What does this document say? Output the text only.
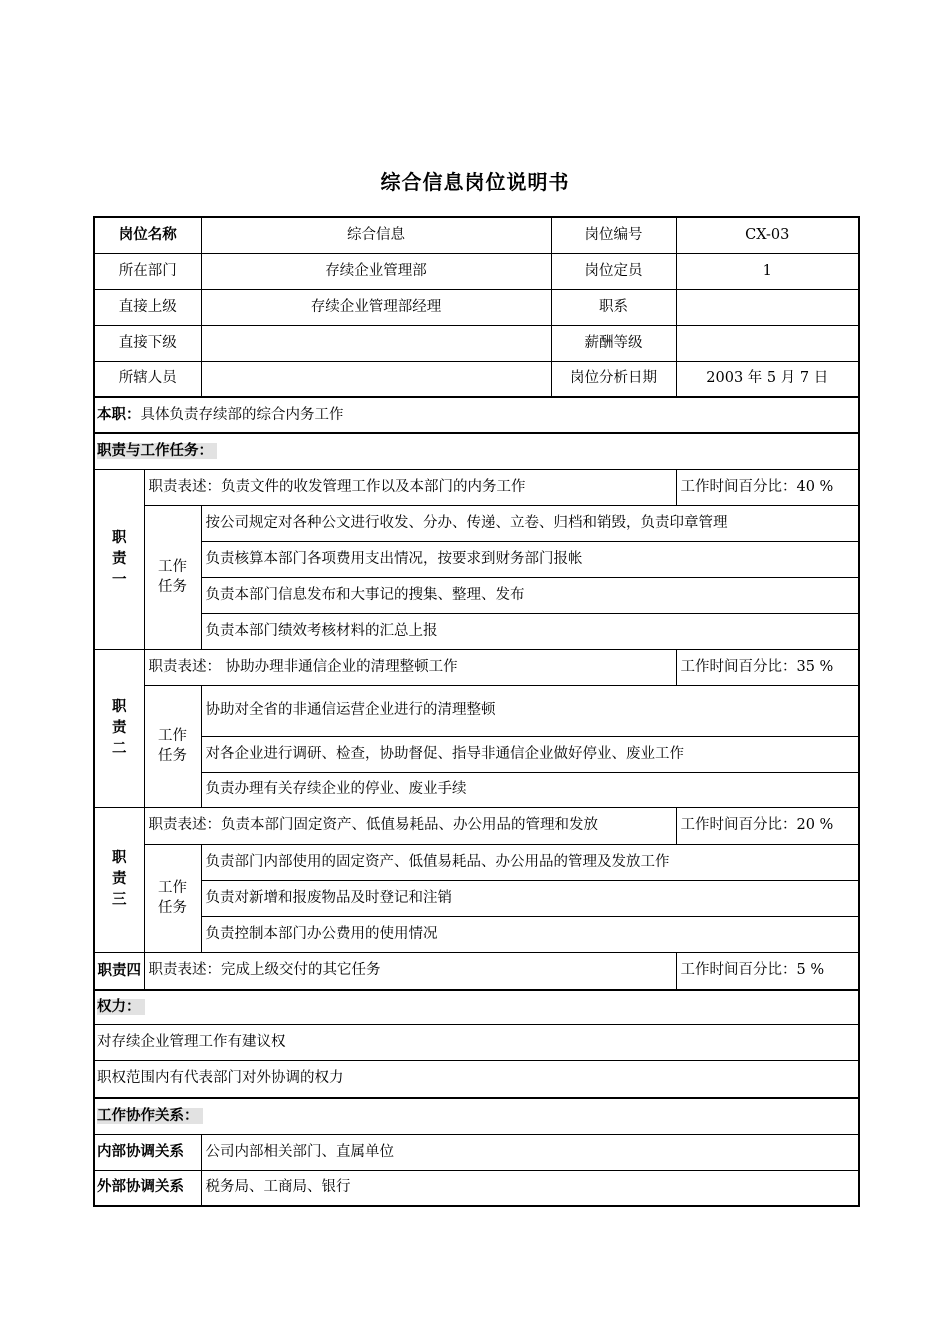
综合信息岗位说明书
岗位名称		综合信息	岗位编号	CX-03
所在部门		存续企业管理部	岗位定员	1
直接上级		存续企业管理部经理	职系	
直接下级			薪酬等级	
所辖人员			岗位分析日期	2003 年 5 月 7 日
本职：具体负责存续部的综合内务工作				
职责与工作任务：				
职责一	职责表述：负责文件的收发管理工作以及本部门的内务工作			工作时间百分比：40 %
	工作任务	按公司规定对各种公文进行收发、分办、传递、立卷、归档和销毁，负责印章管理		
		负责核算本部门各项费用支出情况，按要求到财务部门报帐		
		负责本部门信息发布和大事记的搜集、整理、发布		
		负责本部门绩效考核材料的汇总上报		
职责二	职责表述： 协助办理非通信企业的清理整顿工作			工作时间百分比：35 %
	工作任务	协助对全省的非通信运营企业进行的清理整顿		
		对各企业进行调研、检查，协助督促、指导非通信企业做好停业、废业工作		
		负责办理有关存续企业的停业、废业手续		
职责三	职责表述：负责本部门固定资产、低值易耗品、办公用品的管理和发放			工作时间百分比：20 %
	工作任务	负责部门内部使用的固定资产、低值易耗品、办公用品的管理及发放工作		
		负责对新增和报废物品及时登记和注销		
		负责控制本部门办公费用的使用情况		
职责四	职责表述：完成上级交付的其它任务			工作时间百分比：5 %
权力：				
对存续企业管理工作有建议权				
职权范围内有代表部门对外协调的权力				
工作协作关系：				
内部协调关系		公司内部相关部门、直属单位		
外部协调关系		税务局、工商局、银行		
